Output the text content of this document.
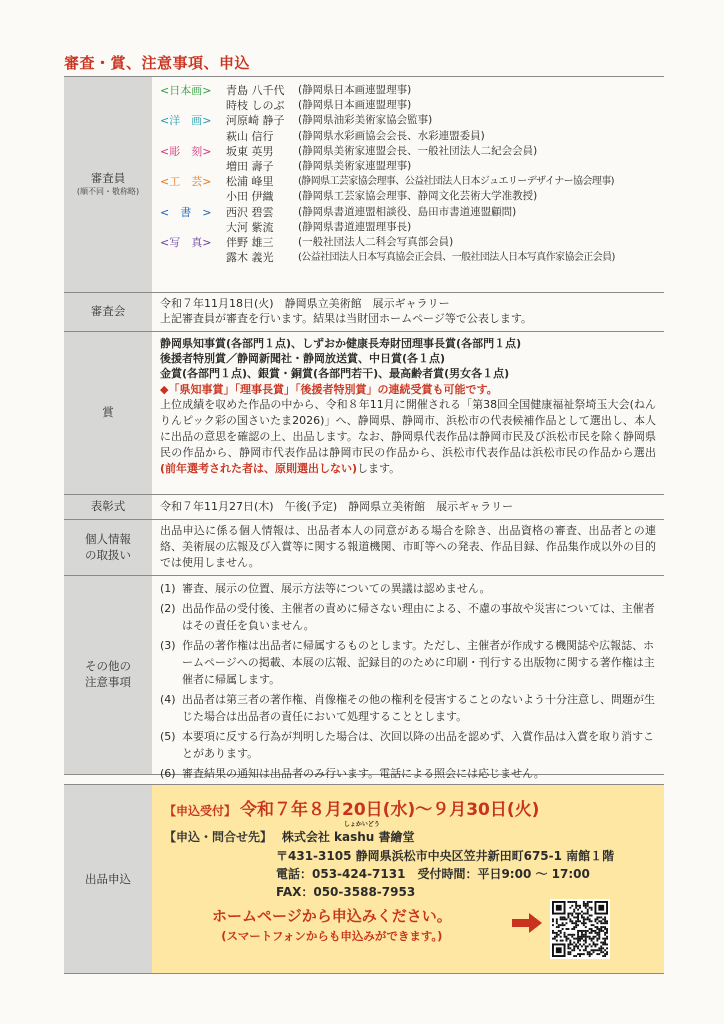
審査・賞、注意事項、申込
審査員
(順不同・敬称略)
<日本画>	青島 八千代	(静岡県日本画連盟理事)
時枝 しのぶ	(静岡県日本画連盟理事)
<洋　画>	河原崎 静子	(静岡県油彩美術家協会監事)
萩山 信行	(静岡県水彩画協会会長、水彩連盟委員)
<彫　刻>	坂東 英男	(静岡県美術家連盟会長、一般社団法人二紀会会員)
増田 壽子	(静岡県美術家連盟理事)
<工　芸>	松浦 峰里	(静岡県工芸家協会理事、公益社団法人日本ジュエリーデザイナー協会理事)
小田 伊織	(静岡県工芸家協会理事、静岡文化芸術大学准教授)
<　書　>	西沢 碧雲	(静岡県書道連盟相談役、島田市書道連盟顧問)
大河 紫流	(静岡県書道連盟理事長)
<写　真>	伴野 雄三	(一般社団法人二科会写真部会員)
露木 義光	(公益社団法人日本写真協会正会員、一般社団法人日本写真作家協会正会員)
審査会
令和７年11月18日(火)　静岡県立美術館　展示ギャラリー
上記審査員が審査を行います。結果は当財団ホームページ等で公表します。
賞
静岡県知事賞(各部門１点)、しずおか健康長寿財団理事長賞(各部門１点)
後援者特別賞／静岡新聞社・静岡放送賞、中日賞(各１点)
金賞(各部門１点)、銀賞・銅賞(各部門若干)、最高齢者賞(男女各１点)
◆「県知事賞」「理事長賞」「後援者特別賞」の連続受賞も可能です。
上位成績を収めた作品の中から、令和８年11月に開催される「第38回全国健康福祉祭埼玉大会(ねんりんピック彩の国さいたま2026)」へ、静岡県、静岡市、浜松市の代表候補作品として選出し、本人に出品の意思を確認の上、出品します。なお、静岡県代表作品は静岡市民及び浜松市民を除く静岡県民の作品から、静岡市代表作品は静岡市民の作品から、浜松市代表作品は浜松市民の作品から選出(前年選考された者は、原則選出しない)します。
表彰式	令和７年11月27日(木)　午後(予定)　静岡県立美術館　展示ギャラリー
個人情報
の取扱い
出品申込に係る個人情報は、出品者本人の同意がある場合を除き、出品資格の審査、出品者との連絡、美術展の広報及び入賞等に関する報道機関、市町等への発表、作品目録、作品集作成以外の目的では使用しません。
その他の
注意事項
(1) 審査、展示の位置、展示方法等についての異議は認めません。
(2) 出品作品の受付後、主催者の責めに帰さない理由による、不慮の事故や災害については、主催者はその責任を負いません。
(3) 作品の著作権は出品者に帰属するものとします。ただし、主催者が作成する機関誌や広報誌、ホームページへの掲載、本展の広報、記録目的のために印刷・刊行する出版物に関する著作権は主催者に帰属します。
(4) 出品者は第三者の著作権、肖像権その他の権利を侵害することのないよう十分注意し、問題が生じた場合は出品者の責任において処理することとします。
(5) 本要項に反する行為が判明した場合は、次回以降の出品を認めず、入賞作品は入賞を取り消すことがあります。
(6) 審査結果の通知は出品者のみ行います。電話による照会には応じません。
出品申込
【申込受付】 令和７年８月20日(水)～９月30日(火)
【申込・問合せ先】
しょかいどう
株式会社 kashu 書繪堂
〒431-3105 静岡県浜松市中央区笠井新田町675-1 南館１階
電話：053-424-7131　受付時間：平日9:00 ～ 17:00
FAX：050-3588-7953
ホームページから申込みください。
(スマートフォンからも申込みができます。)
